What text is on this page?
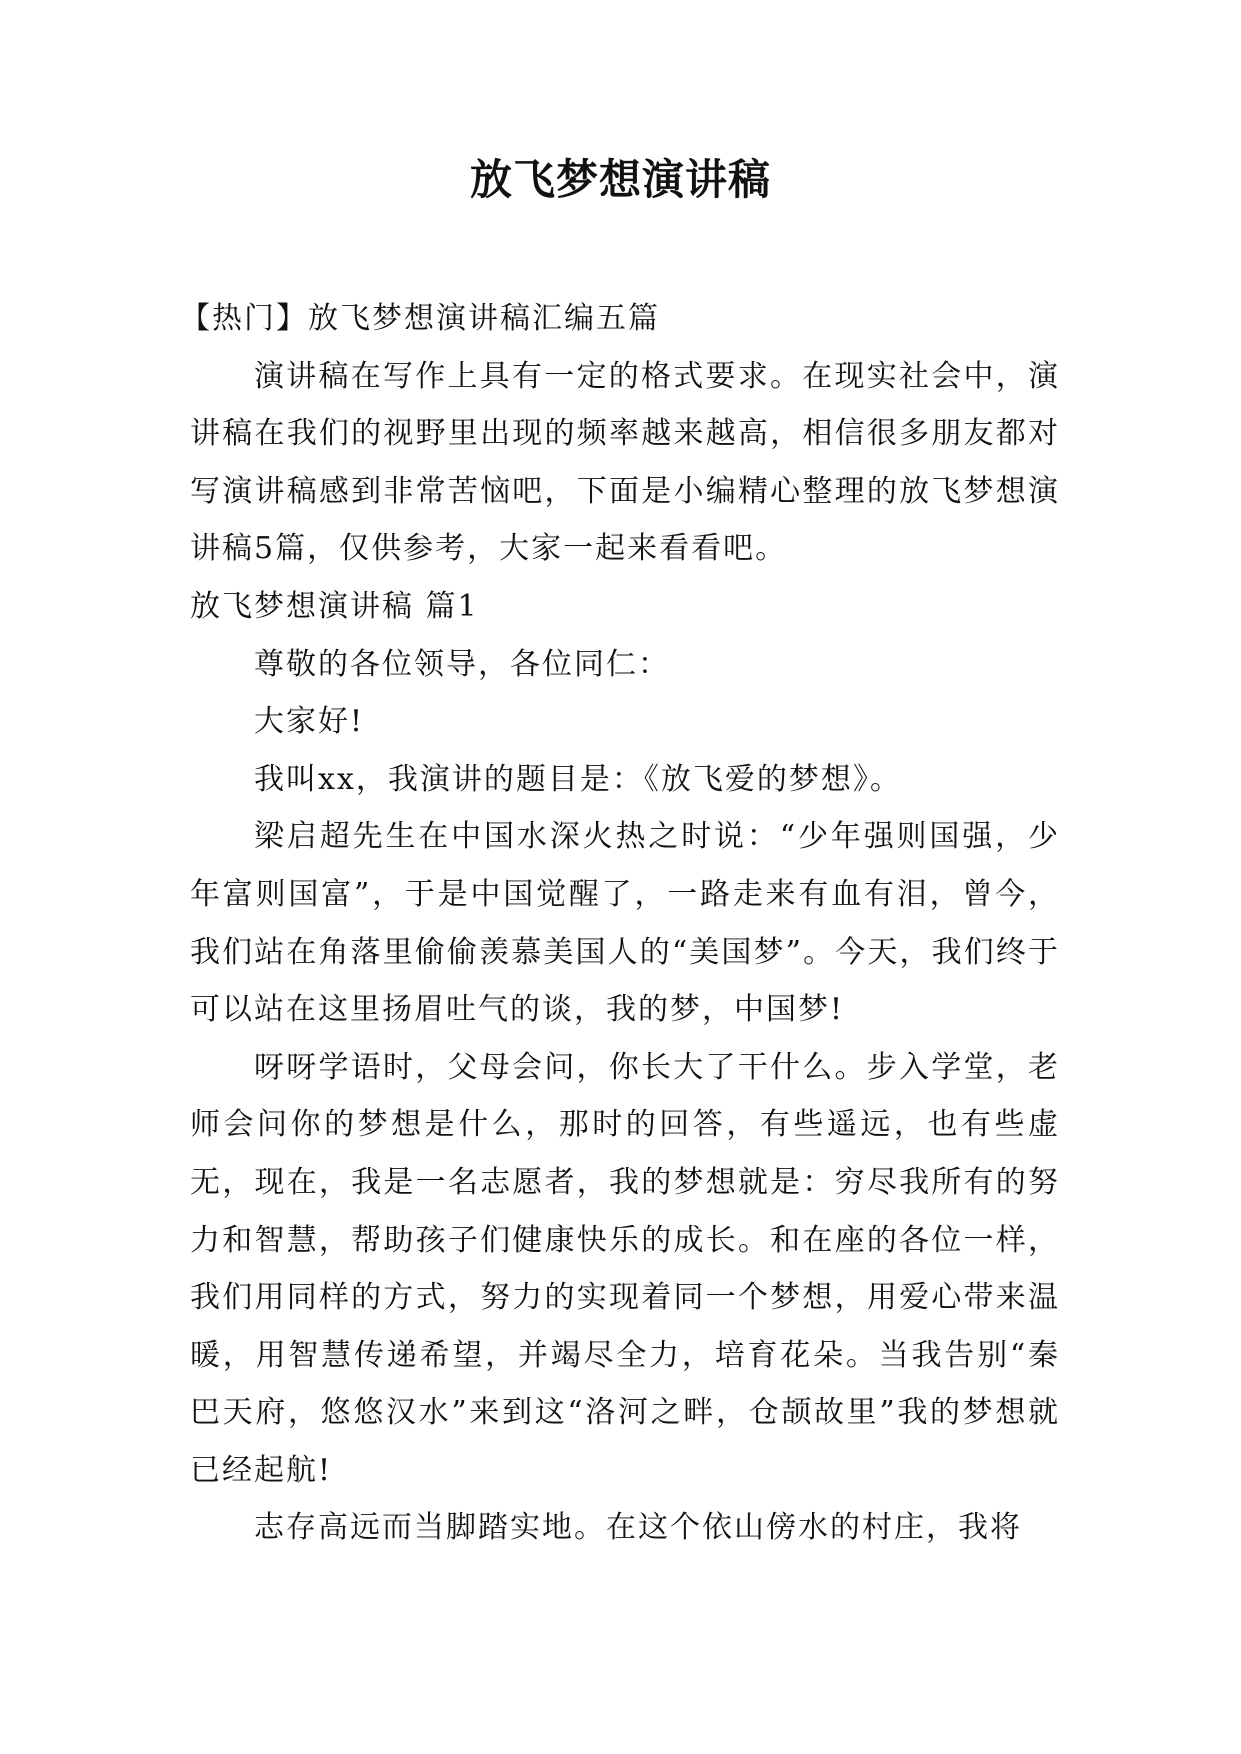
放飞梦想演讲稿

【热门】放飞梦想演讲稿汇编五篇

演讲稿在写作上具有一定的格式要求。在现实社会中，演讲稿在我们的视野里出现的频率越来越高，相信很多朋友都对写演讲稿感到非常苦恼吧，下面是小编精心整理的放飞梦想演讲稿5篇，仅供参考，大家一起来看看吧。

放飞梦想演讲稿 篇1

尊敬的各位领导，各位同仁：

大家好!

我叫xx，我演讲的题目是：《放飞爱的梦想》。

梁启超先生在中国水深火热之时说：“少年强则国强，少年富则国富”，于是中国觉醒了，一路走来有血有泪，曾今，我们站在角落里偷偷羡慕美国人的“美国梦”。今天，我们终于可以站在这里扬眉吐气的谈，我的梦，中国梦!

呀呀学语时，父母会问，你长大了干什么。步入学堂，老师会问你的梦想是什么，那时的回答，有些遥远，也有些虚无，现在，我是一名志愿者，我的梦想就是：穷尽我所有的努力和智慧，帮助孩子们健康快乐的成长。和在座的各位一样，我们用同样的方式，努力的实现着同一个梦想，用爱心带来温暖，用智慧传递希望，并竭尽全力，培育花朵。当我告别“秦巴天府，悠悠汉水”来到这“洛河之畔，仓颉故里”我的梦想就已经起航!

志存高远而当脚踏实地。在这个依山傍水的村庄，我将
